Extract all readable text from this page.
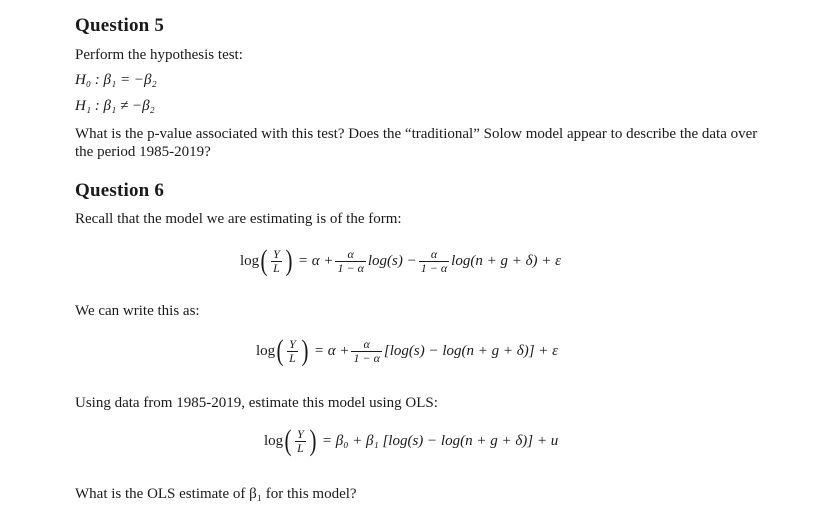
Question 5
Perform the hypothesis test:
H₀ : β₁ = −β₂
H₁ : β₁ ≠ −β₂
What is the p-value associated with this test? Does the “traditional” Solow model appear to describe the data over the period 1985-2019?
Question 6
Recall that the model we are estimating is of the form:
log ( $\frac{Y}{L}$ ) = $\alpha + \frac{\alpha}{1 - \alpha} \log(s) - \frac{\alpha}{1 - \alpha} \log(n + g + \delta) + \varepsilon$
We can write this as:
log ( $\frac{Y}{L}$ ) = $\alpha + \frac{\alpha}{1 - \alpha} [\log(s) - \log(n + g + \delta)] + \varepsilon$
Using data from 1985-2019, estimate this model using OLS:
log ( $\frac{Y}{L}$ ) = β₀ + β₁ [log(s) − log(n + g + δ)] + u
What is the OLS estimate of β₁ for this model?
